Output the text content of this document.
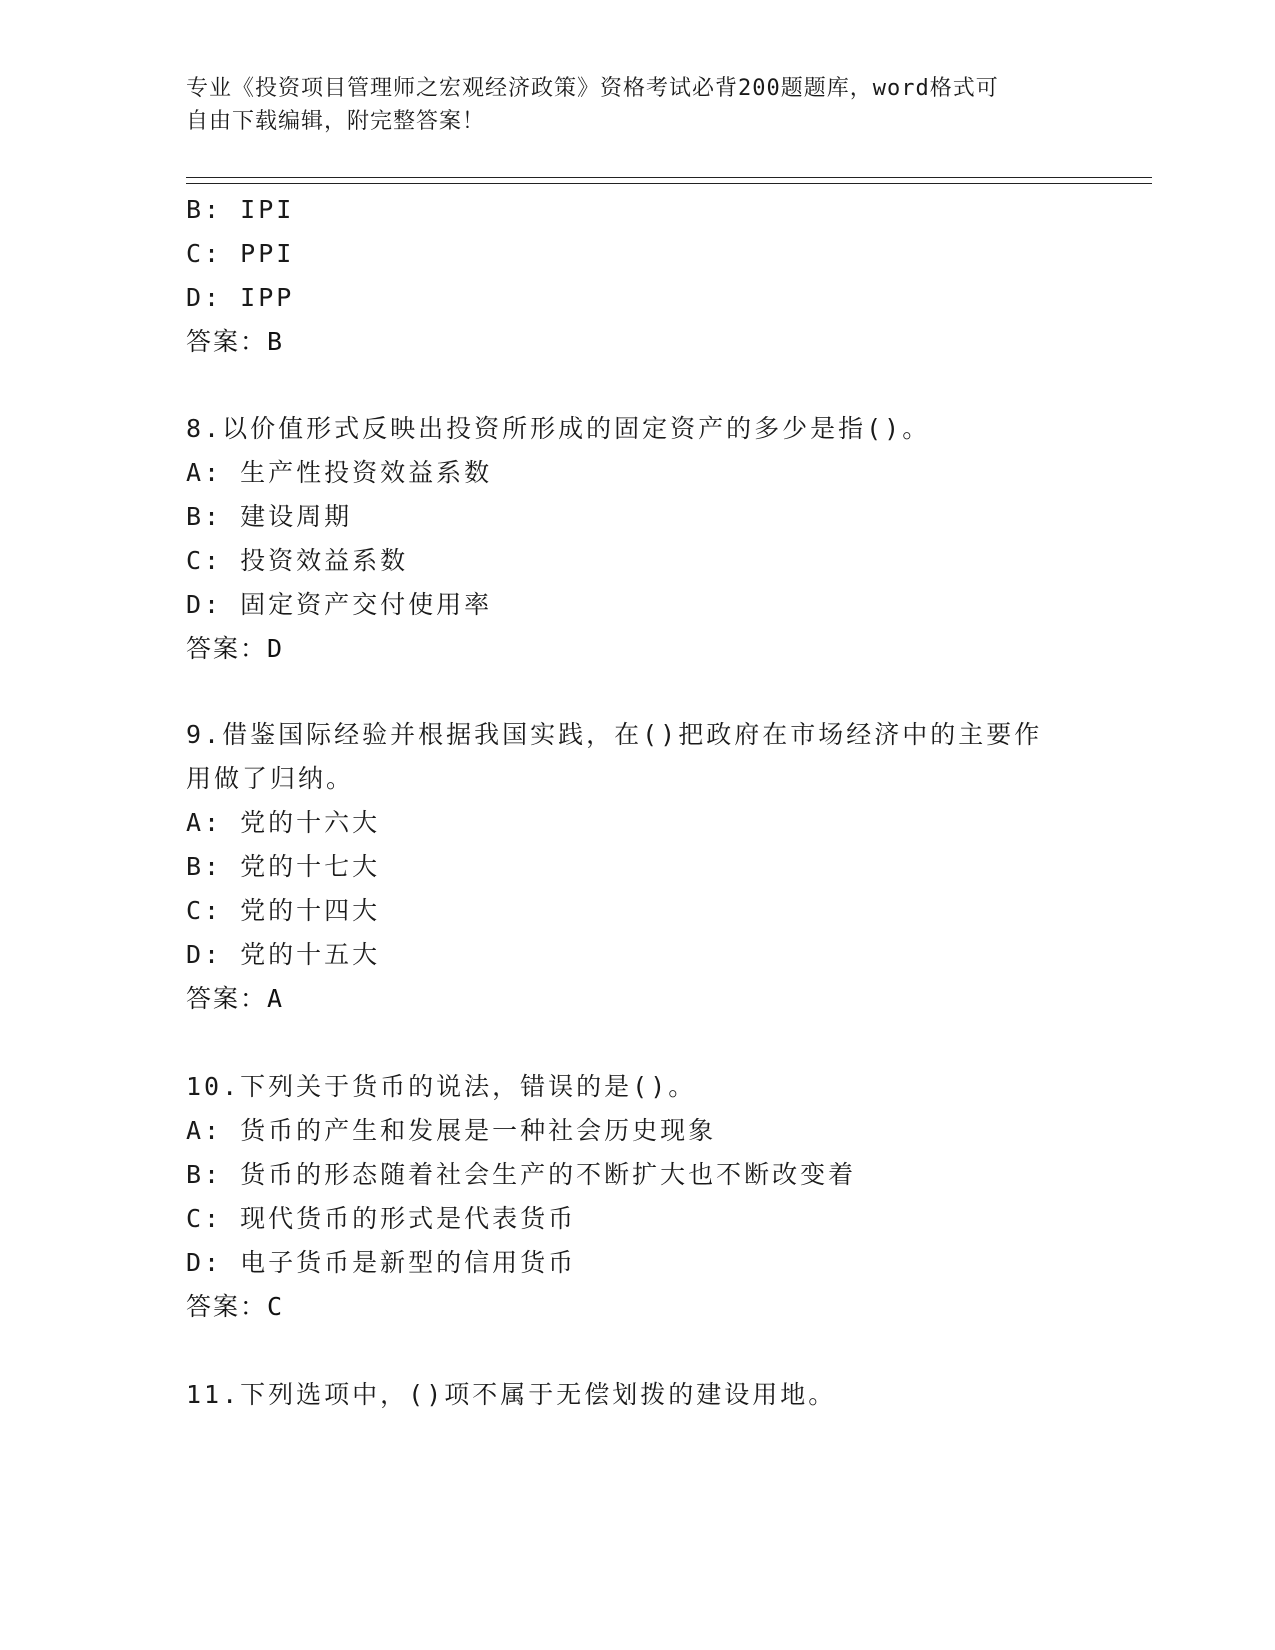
专业《投资项目管理师之宏观经济政策》资格考试必背200题题库，word格式可
自由下载编辑，附完整答案！
B: IPI
C: PPI
D: IPP
答案：B
8.以价值形式反映出投资所形成的固定资产的多少是指()。
A: 生产性投资效益系数
B: 建设周期
C: 投资效益系数
D: 固定资产交付使用率
答案：D
9.借鉴国际经验并根据我国实践，在()把政府在市场经济中的主要作
用做了归纳。
A: 党的十六大
B: 党的十七大
C: 党的十四大
D: 党的十五大
答案：A
10.下列关于货币的说法，错误的是()。
A: 货币的产生和发展是一种社会历史现象
B: 货币的形态随着社会生产的不断扩大也不断改变着
C: 现代货币的形式是代表货币
D: 电子货币是新型的信用货币
答案：C
11.下列选项中，()项不属于无偿划拨的建设用地。
